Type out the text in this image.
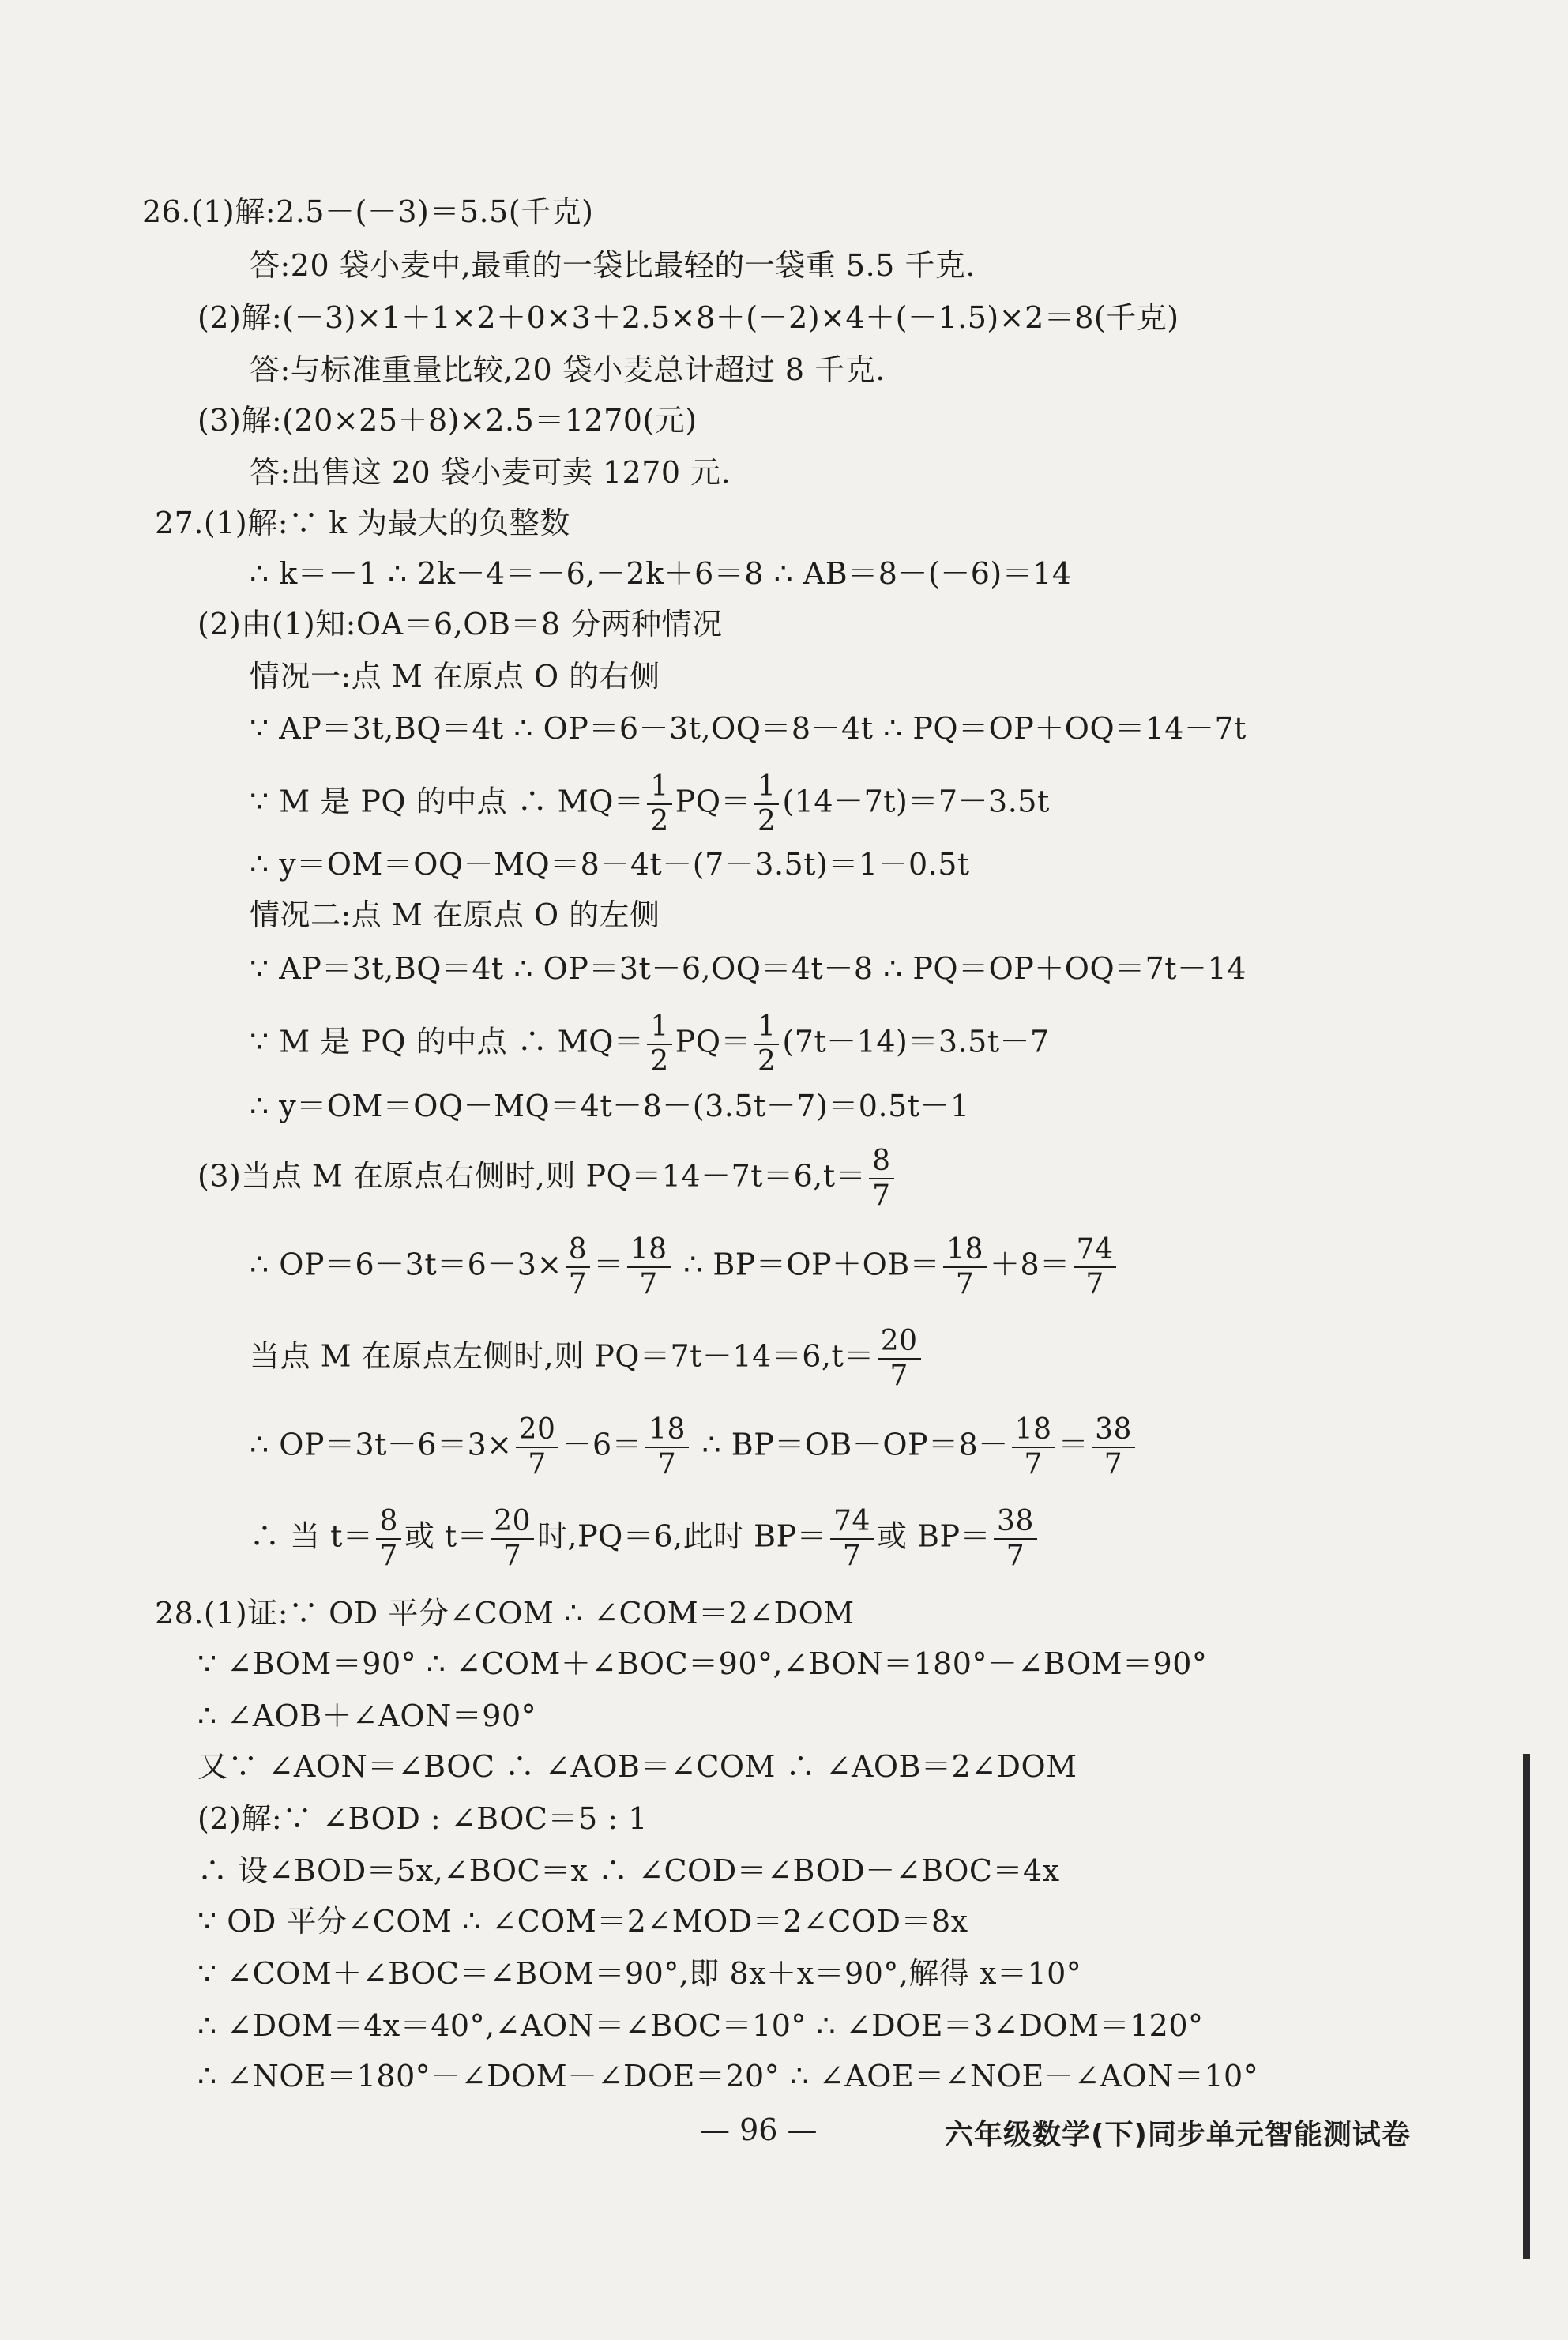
26.(1)解:2.5－(－3)＝5.5(千克)
答:20 袋小麦中,最重的一袋比最轻的一袋重 5.5 千克.
(2)解:(－3)×1＋1×2＋0×3＋2.5×8＋(－2)×4＋(－1.5)×2＝8(千克)
答:与标准重量比较,20 袋小麦总计超过 8 千克.
(3)解:(20×25＋8)×2.5＝1270(元)
答:出售这 20 袋小麦可卖 1270 元.
27.(1)解:∵ k 为最大的负整数
∴ k＝－1 ∴ 2k－4＝－6,－2k＋6＝8 ∴ AB＝8－(－6)＝14
(2)由(1)知:OA＝6,OB＝8 分两种情况
情况一:点 M 在原点 O 的右侧
∵ AP＝3t,BQ＝4t ∴ OP＝6－3t,OQ＝8－4t ∴ PQ＝OP＋OQ＝14－7t
∵ M 是 PQ 的中点 ∴ $MQ= \frac{1}{2} PQ= \frac{1}{2} (14-7t)=7-3.5t$
∴ y＝OM＝OQ－MQ＝8－4t－(7－3.5t)＝1－0.5t
情况二:点 M 在原点 O 的左侧
∵ AP＝3t,BQ＝4t ∴ OP＝3t－6,OQ＝4t－8 ∴ PQ＝OP＋OQ＝7t－14
∵ M 是 PQ 的中点 ∴ $MQ= \frac{1}{2} PQ= \frac{1}{2} (7t-14)=3.5t-7$
∴ y＝OM＝OQ－MQ＝4t－8－(3.5t－7)＝0.5t－1
(3)当点 M 在原点右侧时,则 $PQ=14-7t=6,t= \frac{8}{7}$
∴ $OP=6-3t=6-3\times \frac{8}{7} = \frac{18}{7}$ ∴ $BP=OP+OB= \frac{18}{7} +8= \frac{74}{7}$
当点 M 在原点左侧时,则 $PQ=7t-14=6,t= \frac{20}{7}$
∴ $OP=3t-6=3\times \frac{20}{7} -6= \frac{18}{7}$ ∴ $BP=OB-OP=8- \frac{18}{7} = \frac{38}{7}$
∴ 当 $t= \frac{8}{7}$ 或 $t= \frac{20}{7}$ 时,PQ＝6,此时 $BP= \frac{74}{7}$ 或 $BP= \frac{38}{7}$
28.(1)证:∵ OD 平分∠COM ∴ ∠COM＝2∠DOM
∵ ∠BOM＝90° ∴ ∠COM＋∠BOC＝90°,∠BON＝180°－∠BOM＝90°
∴ ∠AOB＋∠AON＝90°
又∵ ∠AON＝∠BOC ∴ ∠AOB＝∠COM ∴ ∠AOB＝2∠DOM
(2)解:∵ ∠BOD : ∠BOC＝5 : 1
∴ 设∠BOD＝5x,∠BOC＝x ∴ ∠COD＝∠BOD－∠BOC＝4x
∵ OD 平分∠COM ∴ ∠COM＝2∠MOD＝2∠COD＝8x
∵ ∠COM＋∠BOC＝∠BOM＝90°,即 8x＋x＝90°,解得 x＝10°
∴ ∠DOM＝4x＝40°,∠AON＝∠BOC＝10° ∴ ∠DOE＝3∠DOM＝120°
∴ ∠NOE＝180°－∠DOM－∠DOE＝20° ∴ ∠AOE＝∠NOE－∠AON＝10°
— 96 —	六年级数学(下)同步单元智能测试卷
